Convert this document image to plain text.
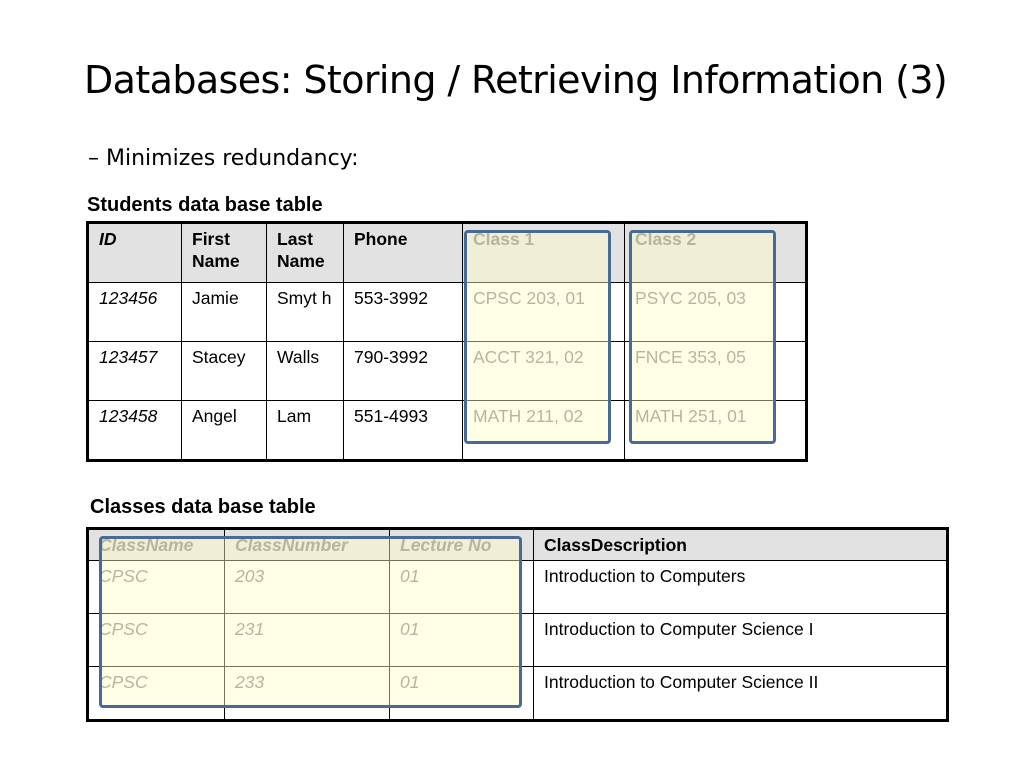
Databases: Storing / Retrieving Information (3)
– Minimizes redundancy:
Students data base table
ID	First Name	Last Name	Phone	Class 1	Class 2
123456	Jamie	Smyt h	553-3992	CPSC 203, 01	PSYC 205, 03
123457	Stacey	Walls	790-3992	ACCT 321, 02	FNCE 353, 05
123458	Angel	Lam	551-4993	MATH 211, 02	MATH 251, 01
Classes data base table
ClassName	ClassNumber	Lecture No	ClassDescription
CPSC	203	01	Introduction to Computers
CPSC	231	01	Introduction to Computer Science I
CPSC	233	01	Introduction to Computer Science II
